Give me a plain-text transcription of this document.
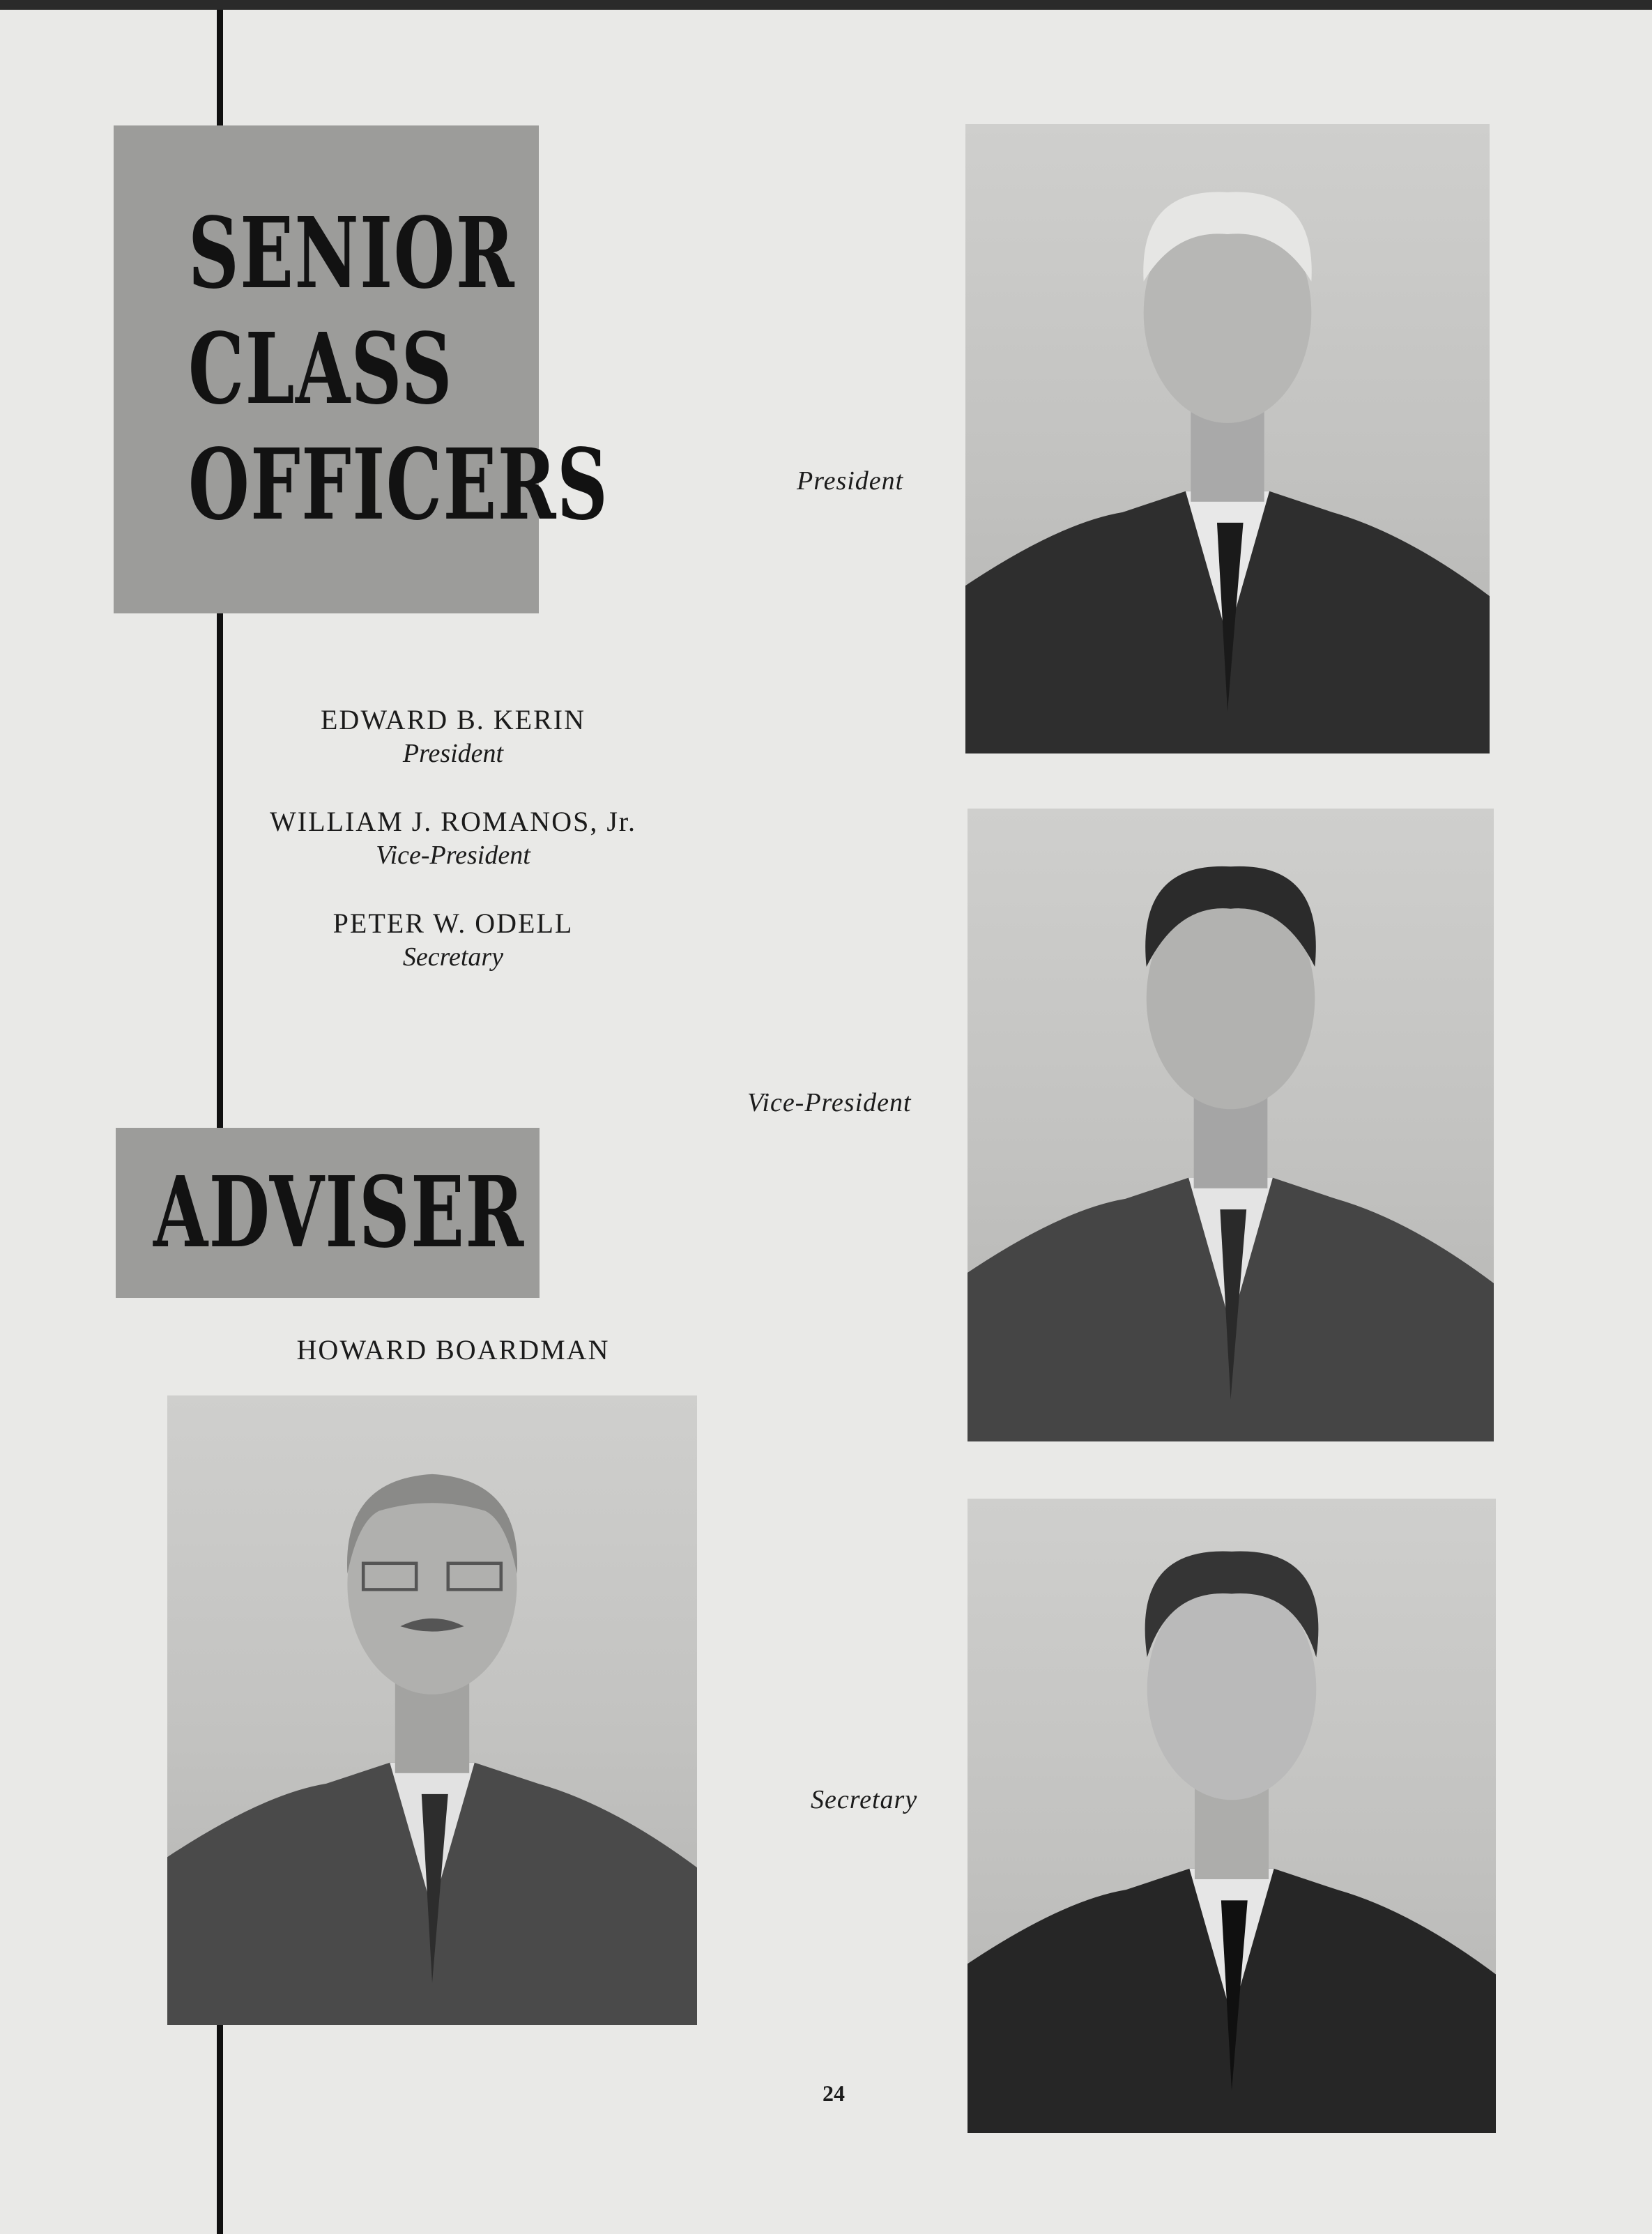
SENIOR
CLASS
OFFICERS
EDWARD B. KERIN
President
WILLIAM J. ROMANOS, Jr.
Vice-President
PETER W. ODELL
Secretary
ADVISER
HOWARD BOARDMAN
President
Vice-President
Secretary
24
